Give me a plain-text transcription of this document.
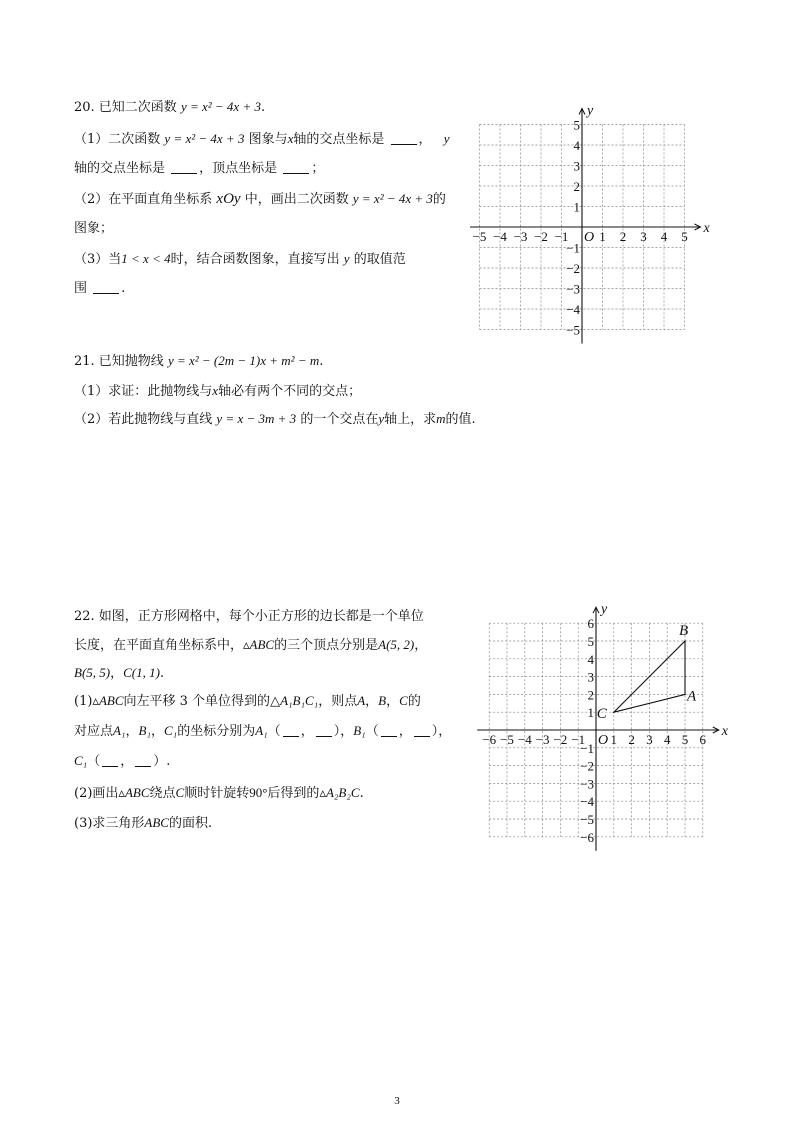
20. 已知二次函数 y = x² − 4x + 3.
（1）二次函数 y = x² − 4x + 3 图象与x轴的交点坐标是	， y
轴的交点坐标是	，顶点坐标是	；
（2）在平面直角坐标系 xOy 中，画出二次函数 y = x² − 4x + 3的
图象；
（3）当1 < x < 4时，结合函数图象，直接写出 y 的取值范
围	.
x
y
O
−5 −4 −3 −2 −1 1 2 3 4 5
5
4
3
2
1
−1
−2
−3
−4
−5
21. 已知抛物线 y = x² − (2m − 1)x + m² − m.
（1）求证：此抛物线与x轴必有两个不同的交点；
（2）若此抛物线与直线 y = x − 3m + 3 的一个交点在y轴上，求m的值.
22. 如图，正方形网格中，每个小正方形的边长都是一个单位
长度，在平面直角坐标系中，▵ABC的三个顶点分别是A(5, 2)，
B(5, 5)，C(1, 1).
(1)▵ABC向左平移 3 个单位得到的△A₁B₁C₁，则点A，B，C的
对应点A₁，B₁，C₁的坐标分别为A₁（ ， ），B₁（ ， ），
C₁（ ， ）.
(2)画出▵ABC绕点C顺时针旋转90°后得到的▵A₂B₂C.
(3)求三角形ABC的面积.
x
y
O
−6 −5 −4 −3 −2 −1 1 2 3 4 5 6
6
5
4
3
2
1
−1
−2
−3
−4
−5
−6
A
B
C
3
